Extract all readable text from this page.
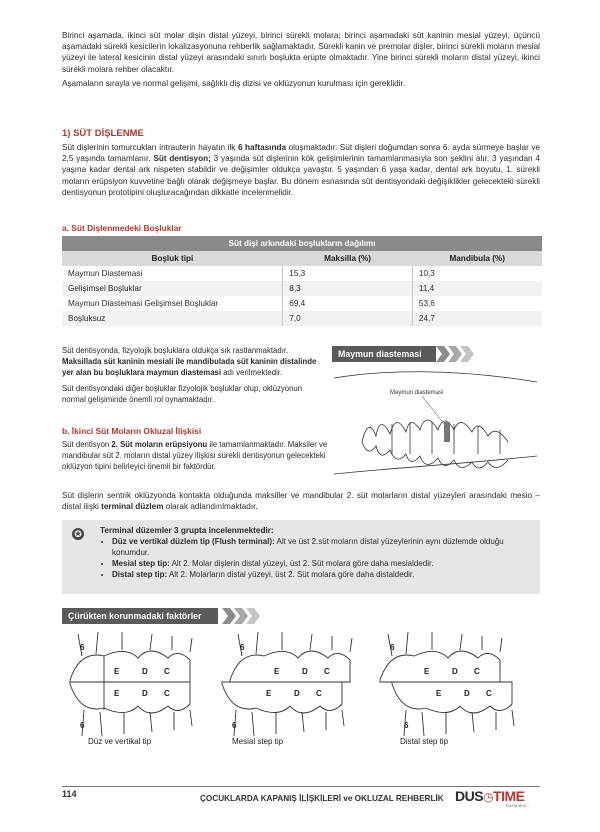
Birinci aşamada, ikinci süt molar dişin distal yüzeyi, birinci sürekli molara; birinci aşamadaki süt kaninin mesial yüzeyi, üçüncü aşamadaki sürekli kesicilerin lokalizasyonuna rehberlik sağlamaktadır. Sürekli kanin ve premolar dişler, birinci sürekli moların mesial yüzeyi ile lateral kesicinin distal yüzeyi arasındaki sınırlı boşlukta erüpte olmaktadır. Yine birinci sürekli moların distal yüzeyi, ikinci sürekli molara rehber olacaktır.

Aşamaların sırayla ve normal gelişimi, sağlıklı diş dizisi ve oklüzyonun kurulması için gereklidir.

1) SÜT DİŞLENME

Süt dişlerinin tomurcukları intrauterin hayatın ilk 6 haftasında oluşmaktadır. Süt dişleri doğumdan sonra 6. ayda sürmeye başlar ve 2,5 yaşında tamamlanır. Süt dentisyon; 3 yaşında süt dişlerinin kök gelişimlerinin tamamlanmasıyla son şeklini alır. 3 yaşından 4 yaşına kadar dental ark nispeten stabildir ve değişimler oldukça yavaştır. 5 yaşından 6 yaşa kadar, dental ark boyutu, 1. sürekli moların erüpsiyon kuvvetine bağlı olarak değişmeye başlar. Bu dönem esnasında süt dentisyondaki değişiklikler gelecekteki sürekli dentisyonun prototipini oluşturacağından dikkatle incelenmelidir.

a. Süt Dişlenmedeki Boşluklar
Süt dişi arkındaki boşlukların dağılımı		
Boşluk tipi	Maksilla (%)	Mandibula (%)
Maymun Diastemasi	15,3	10,3
Gelişimsel Boşluklar	8,3	11,4
Maymun Diastemasi Gelişimsel Boşluklar	69,4	53,6
Boşluksuz	7,0	24,7

Süt dentisyonda, fizyolojik boşluklara oldukça sık rastlanmaktadır.

Maksillada süt kaninin mesiali ile mandibulada süt kaninin distalinde yer alan bu boşluklara maymun diastemasi adı verilmektedir.

Süt dentisyondaki diğer boşluklar fizyolojik boşluklar olup, oklüzyonun normal gelişiminde önemli rol oynamaktadır.

Maymun diastemasi
Maymun diastemasi
b. İkinci Süt Moların Okluzal İlişkisi

Süt dentisyon 2. Süt moların erüpsiyonu ile tamamlanmaktadır. Maksiler ve mandibular süt 2. moların distal yüzey ilişkisi sürekli dentisyonun gelecekteki oklüzyon tipini belirleyici önemli bir faktördür.

Süt dişlerin sentrik oklüzyonda kontakta olduğunda maksiller ve mandibular 2. süt molarların distal yüzeyleri arasındaki mesio – distal ilişki terminal düzlem olarak adlandırılmaktadır.

✪ Terminal düzemler 3 grupta incelenmektedir:
• Düz ve vertikal düzlem tip (Flush terminal): Alt ve üst 2.süt moların distal yüzeylerinin aynı düzlemde olduğu konumdur.
• Mesial step tip: Alt 2. Molar dişlerin distal yüzeyi, üst 2. Süt molara göre daha mesialdedir.
• Distal step tip: Alt 2. Molarların distal yüzeyi, üst 2. Süt molara göre daha distaldedir.
Çürükten korunmadaki faktörler
6
E	D C
E	D C
6
6
E	D C
E	D C
6
6
E	D C
E	D C
6
Düz ve vertikal tip	Mesial step tip	Distal step tip
114	ÇOCUKLARDA KAPANIŞ İLİŞKİLERİ ve OKLUZAL REHBERLİK DUS◷TIME
Kazandırır...
